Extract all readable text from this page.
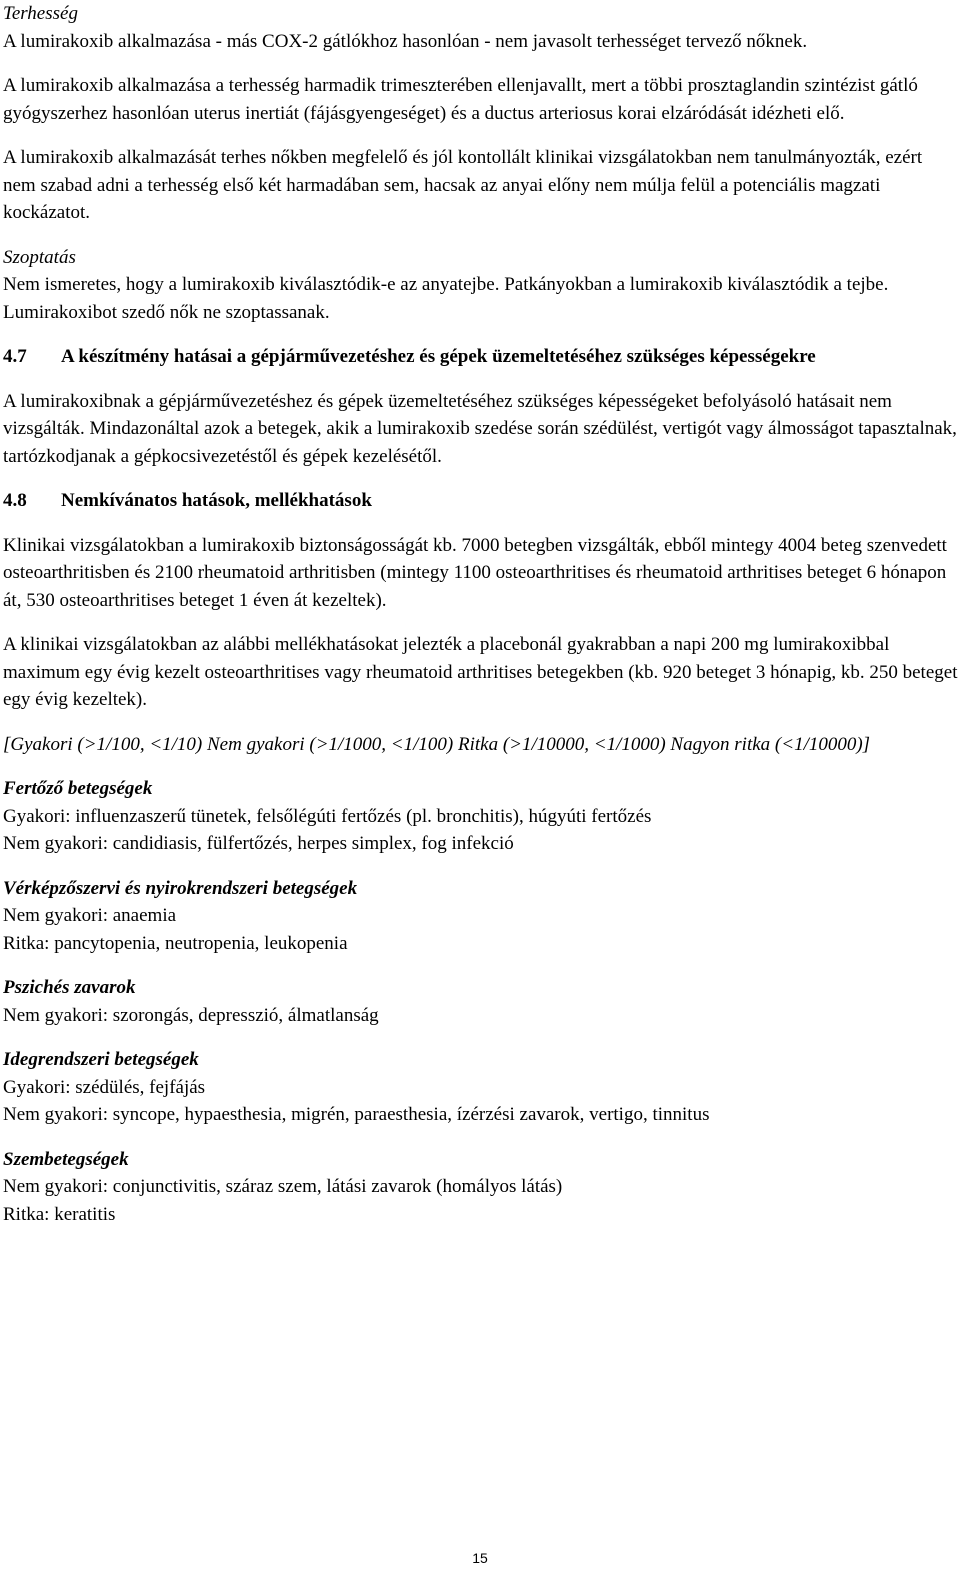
Terhesség

A lumirakoxib alkalmazása - más COX-2 gátlókhoz hasonlóan - nem javasolt terhességet tervező nőknek.

A lumirakoxib alkalmazása a terhesség harmadik trimeszterében ellenjavallt, mert a többi prosztaglandin szintézist gátló gyógyszerhez hasonlóan uterus inertiát (fájásgyengeséget) és a ductus arteriosus korai elzáródását idézheti elő.

A lumirakoxib alkalmazását terhes nőkben megfelelő és jól kontollált klinikai vizsgálatokban nem tanulmányozták, ezért nem szabad adni a terhesség első két harmadában sem, hacsak az anyai előny nem múlja felül a potenciális magzati kockázatot.

Szoptatás

Nem ismeretes, hogy a lumirakoxib kiválasztódik-e az anyatejbe. Patkányokban a lumirakoxib kiválasztódik a tejbe. Lumirakoxibot szedő nők ne szoptassanak.

4.7	A készítmény hatásai a gépjárművezetéshez és gépek üzemeltetéséhez szükséges képességekre

A lumirakoxibnak a gépjárművezetéshez és gépek üzemeltetéséhez szükséges képességeket befolyásoló hatásait nem vizsgálták. Mindazonáltal azok a betegek, akik a lumirakoxib szedése során szédülést, vertigót vagy álmosságot tapasztalnak, tartózkodjanak a gépkocsivezetéstől és gépek kezelésétől.

4.8	Nemkívánatos hatások, mellékhatások

Klinikai vizsgálatokban a lumirakoxib biztonságosságát kb. 7000 betegben vizsgálták, ebből mintegy 4004 beteg szenvedett osteoarthritisben és 2100 rheumatoid arthritisben (mintegy 1100 osteoarthritises és rheumatoid arthritises beteget 6 hónapon át, 530 osteoarthritises beteget 1 éven át kezeltek).

A klinikai vizsgálatokban az alábbi mellékhatásokat jelezték a placebonál gyakrabban a napi 200 mg lumirakoxibbal maximum egy évig kezelt osteoarthritises vagy rheumatoid arthritises betegekben (kb. 920 beteget 3 hónapig, kb. 250 beteget egy évig kezeltek).

[Gyakori (>1/100, <1/10) Nem gyakori (>1/1000, <1/100) Ritka (>1/10000, <1/1000) Nagyon ritka (<1/10000)]

Fertőző betegségek

Gyakori: influenzaszerű tünetek, felsőlégúti fertőzés (pl. bronchitis), húgyúti fertőzés

Nem gyakori: candidiasis, fülfertőzés, herpes simplex, fog infekció

Vérképzőszervi és nyirokrendszeri betegségek

Nem gyakori: anaemia

Ritka: pancytopenia, neutropenia, leukopenia

Pszichés zavarok

Nem gyakori: szorongás, depresszió, álmatlanság

Idegrendszeri betegségek

Gyakori: szédülés, fejfájás

Nem gyakori: syncope, hypaesthesia, migrén, paraesthesia, ízérzési zavarok, vertigo, tinnitus

Szembetegségek

Nem gyakori: conjunctivitis, száraz szem, látási zavarok (homályos látás)

Ritka: keratitis

15
